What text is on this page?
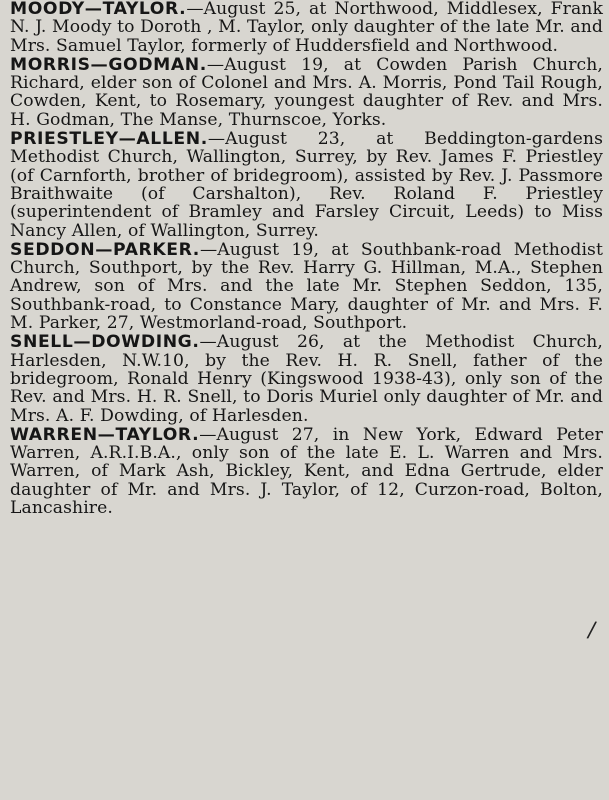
MOODY—TAYLOR.—August 25, at Northwood, Middlesex, Frank N. J. Moody to Doroth , M. Taylor, only daughter of the late Mr. and Mrs. Samuel Taylor, formerly of Huddersfield and Northwood.

MORRIS—GODMAN.—August 19, at Cowden Parish Church, Richard, elder son of Colonel and Mrs. A. Morris, Pond Tail Rough, Cowden, Kent, to Rosemary, youngest daughter of Rev. and Mrs. H. Godman, The Manse, Thurnscoe, Yorks.

PRIESTLEY—ALLEN.—August 23, at Beddington-gardens Methodist Church, Wallington, Surrey, by Rev. James F. Priestley (of Carnforth, brother of bridegroom), assisted by Rev. J. Passmore Braithwaite (of Carshalton), Rev. Roland F. Priestley (superintendent of Bramley and Farsley Circuit, Leeds) to Miss Nancy Allen, of Wallington, Surrey.

SEDDON—PARKER.—August 19, at Southbank-road Methodist Church, Southport, by the Rev. Harry G. Hillman, M.A., Stephen Andrew, son of Mrs. and the late Mr. Stephen Seddon, 135, Southbank-road, to Constance Mary, daughter of Mr. and Mrs. F. M. Parker, 27, Westmorland-road, Southport.

SNELL—DOWDING.—August 26, at the Methodist Church, Harlesden, N.W.10, by the Rev. H. R. Snell, father of the bridegroom, Ronald Henry (Kingswood 1938-43), only son of the Rev. and Mrs. H. R. Snell, to Doris Muriel only daughter of Mr. and Mrs. A. F. Dowding, of Harlesden.

WARREN—TAYLOR.—August 27, in New York, Edward Peter Warren, A.R.I.B.A., only son of the late E. L. Warren and Mrs. Warren, of Mark Ash, Bickley, Kent, and Edna Gertrude, elder daughter of Mr. and Mrs. J. Taylor, of 12, Curzon-road, Bolton, Lancashire.

/
